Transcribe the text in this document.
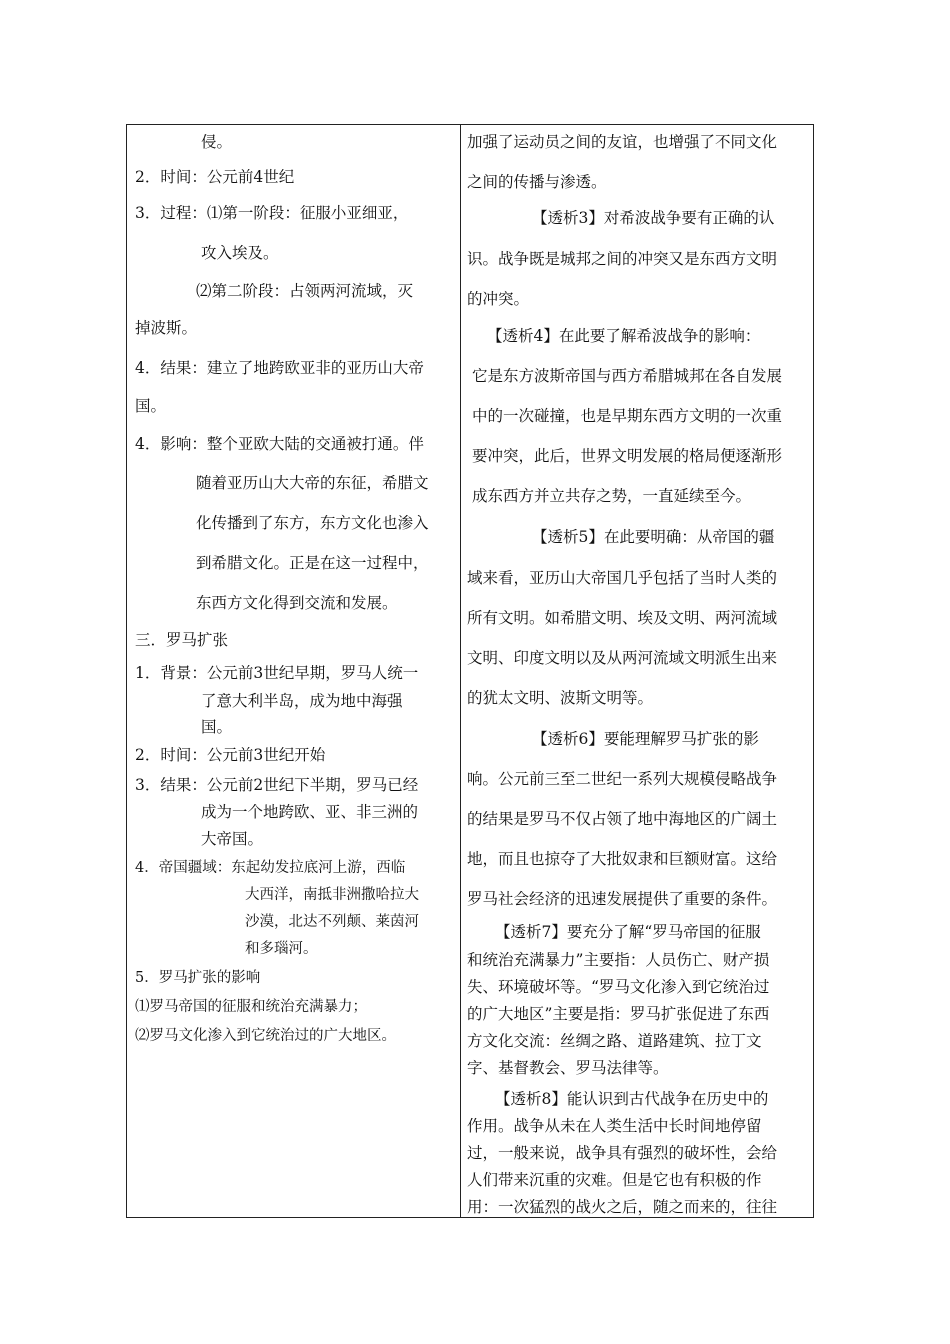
侵。
2．时间：公元前4世纪
3．过程：⑴第一阶段：征服小亚细亚，
攻入埃及。
⑵第二阶段：占领两河流域，灭
掉波斯。
4．结果：建立了地跨欧亚非的亚历山大帝
国。
4．影响：整个亚欧大陆的交通被打通。伴
随着亚历山大大帝的东征，希腊文
化传播到了东方，东方文化也渗入
到希腊文化。正是在这一过程中，
东西方文化得到交流和发展。
三．罗马扩张
1．背景：公元前3世纪早期，罗马人统一
了意大利半岛，成为地中海强
国。
2．时间：公元前3世纪开始
3．结果：公元前2世纪下半期，罗马已经
成为一个地跨欧、亚、非三洲的
大帝国。
4．帝国疆域：东起幼发拉底河上游，西临
大西洋，南抵非洲撒哈拉大
沙漠，北达不列颠、莱茵河
和多瑙河。
5．罗马扩张的影响
⑴罗马帝国的征服和统治充满暴力；
⑵罗马文化渗入到它统治过的广大地区。
加强了运动员之间的友谊，也增强了不同文化
之间的传播与渗透。
【透析3】对希波战争要有正确的认
识。战争既是城邦之间的冲突又是东西方文明
的冲突。
【透析4】在此要了解希波战争的影响：
它是东方波斯帝国与西方希腊城邦在各自发展
中的一次碰撞，也是早期东西方文明的一次重
要冲突，此后，世界文明发展的格局便逐渐形
成东西方并立共存之势，一直延续至今。
【透析5】在此要明确：从帝国的疆
域来看，亚历山大帝国几乎包括了当时人类的
所有文明。如希腊文明、埃及文明、两河流域
文明、印度文明以及从两河流域文明派生出来
的犹太文明、波斯文明等。
【透析6】要能理解罗马扩张的影
响。公元前三至二世纪一系列大规模侵略战争
的结果是罗马不仅占领了地中海地区的广阔土
地，而且也掠夺了大批奴隶和巨额财富。这给
罗马社会经济的迅速发展提供了重要的条件。
【透析7】要充分了解“罗马帝国的征服
和统治充满暴力”主要指：人员伤亡、财产损
失、环境破坏等。“罗马文化渗入到它统治过
的广大地区”主要是指：罗马扩张促进了东西
方文化交流：丝绸之路、道路建筑、拉丁文
字、基督教会、罗马法律等。
【透析8】能认识到古代战争在历史中的
作用。战争从未在人类生活中长时间地停留
过，一般来说，战争具有强烈的破坏性，会给
人们带来沉重的灾难。但是它也有积极的作
用：一次猛烈的战火之后，随之而来的，往往
